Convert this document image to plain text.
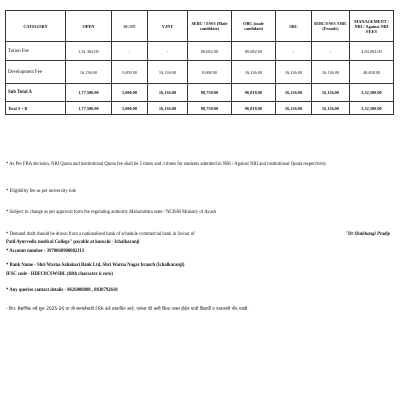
CATEGORY	OPEN	SC/ST	VJNT	SEBC / EWS (Male candidate)	OBC (male candidate)	SBC	SEBC/EWS /OBC (Female)	MANAGEMENT / NRI / Against NRI FEES
Tution Fee	1,61,364.00	-	-	80,682.00	80,682.00	-	-	4,84,092.00
Development Fee	16,136.00	5,000.00	16,136.00	8,068.00	16,136.00	16,136.00	16,136.00	48,408.00
Sub Total A	1,77,500.00	5,000.00	16,136.00	88,750.00	96,818.00	16,136.00	16,136.00	5,32,500.00
Total A + B	1,77,500.00	5,000.00	16,136.00	88,750.00	96,818.00	16,136.00	16,136.00	5,32,500.00
* As Per FRA decision, NRI Quota and institutional Quota fee shall be 5 times and 3 times for students admitted in NRI / Against NRI and institutional Quota respectively.
* Eligibility fee as per university rule
* Subject to change as per approval form fee regulating authority Maharashtra state / NCISM Ministry of Ayush
* Demand draft should be drawn from a nationalised bank of schedule commercial bank in favour of	"Dr Shubhangi Pradip
Patil Ayurvedic medical College" payable at korochi - Ichalkaranji
* Account number - 3970060900002113
* Bank Name - Shri Warna Sahakari Bank Ltd, Shri Warna Nagar branch (Ichalkaranji)
IFSC code - HDFC0CSWSBL (fifth character is zero)
* Any queries contact details - 8626008888 , 8830792610
- टिप: शैक्षणिक वर्ष शुरू 2025-26 या जी सान्यतेसाठी FRA कडे प्रस्तावित आहे. यानंबर फी कमी किंवा जास्त होईल याची विद्यार्थी व पालकांनी नोंद घ्यावी.
